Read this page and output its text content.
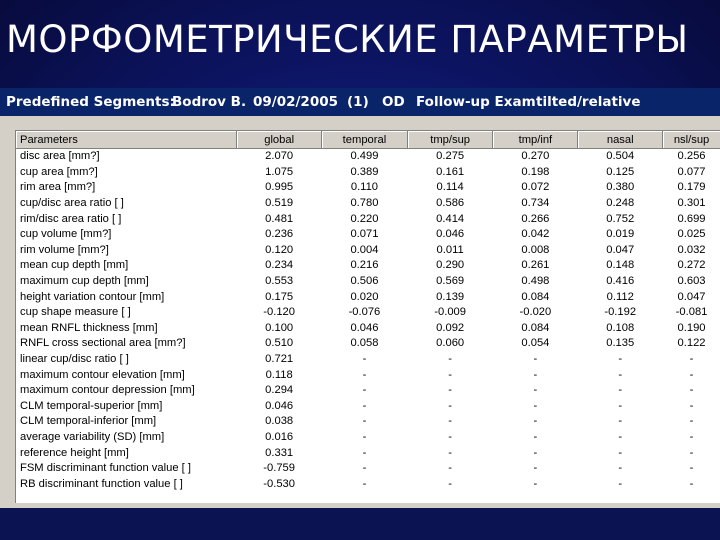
МОРФОМЕТРИЧЕСКИЕ ПАРАМЕТРЫ
Predefined Segments:
Bodrov B. 09/02/2005 (1) OD Follow-up Exam tilted/relative
Parameters	global	temporal	tmp/sup	tmp/inf	nasal	nsl/sup
disc area [mm?]	2.070	0.499	0.275	0.270	0.504	0.256
cup area [mm?]	1.075	0.389	0.161	0.198	0.125	0.077
rim area [mm?]	0.995	0.110	0.114	0.072	0.380	0.179
cup/disc area ratio [ ]	0.519	0.780	0.586	0.734	0.248	0.301
rim/disc area ratio [ ]	0.481	0.220	0.414	0.266	0.752	0.699
cup volume [mm?]	0.236	0.071	0.046	0.042	0.019	0.025
rim volume [mm?]	0.120	0.004	0.011	0.008	0.047	0.032
mean cup depth [mm]	0.234	0.216	0.290	0.261	0.148	0.272
maximum cup depth [mm]	0.553	0.506	0.569	0.498	0.416	0.603
height variation contour [mm]	0.175	0.020	0.139	0.084	0.112	0.047
cup shape measure [ ]	-0.120	-0.076	-0.009	-0.020	-0.192	-0.081
mean RNFL thickness [mm]	0.100	0.046	0.092	0.084	0.108	0.190
RNFL cross sectional area [mm?]	0.510	0.058	0.060	0.054	0.135	0.122
linear cup/disc ratio [ ]	0.721	-	-	-	-	-
maximum contour elevation [mm]	0.118	-	-	-	-	-
maximum contour depression [mm]	0.294	-	-	-	-	-
CLM temporal-superior [mm]	0.046	-	-	-	-	-
CLM temporal-inferior [mm]	0.038	-	-	-	-	-
average variability (SD) [mm]	0.016	-	-	-	-	-
reference height [mm]	0.331	-	-	-	-	-
FSM discriminant function value [ ]	-0.759	-	-	-	-	-
RB discriminant function value [ ]	-0.530	-	-	-	-	-
